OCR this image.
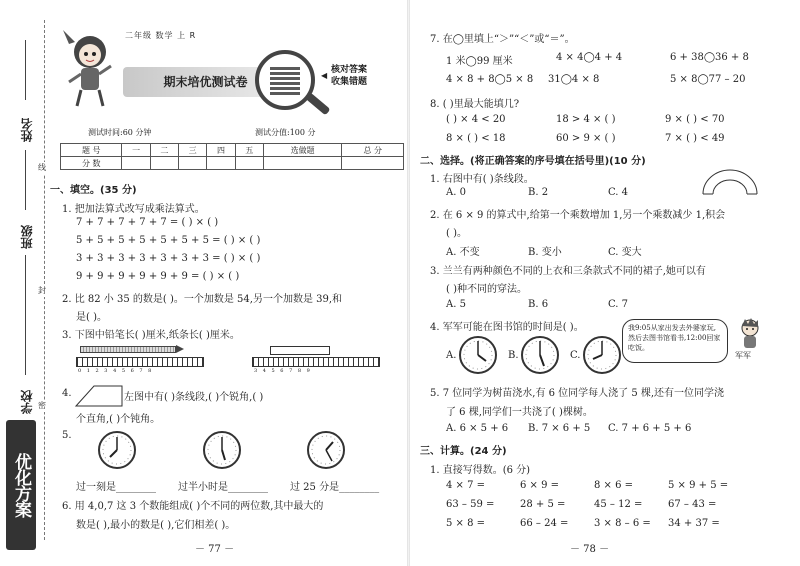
姓名
班级
学校
线
封
密
优化方案
二年级 数学 上 R
期末培优测试卷
◀ 核对答案
收集错题
测试时间:60 分钟	测试分值:100 分
题 号	一	二	三	四	五	选做题	总 分
分 数							
一、填空。(35 分)
1. 把加法算式改写成乘法算式。
7 + 7 + 7 + 7 + 7 = ( ) × ( )
5 + 5 + 5 + 5 + 5 + 5 + 5 = ( ) × ( )
3 + 3 + 3 + 3 + 3 + 3 + 3 = ( ) × ( )
9 + 9 + 9 + 9 + 9 + 9 = ( ) × ( )
2. 比 82 小 35 的数是( )。一个加数是 54,另一个加数是 39,和
是( )。
3. 下图中铅笔长( )厘米,纸条长( )厘米。
0 1 2 3 4 5 6 7 8	3 4 5 6 7 8 9
4.	左图中有( )条线段,( )个锐角,( )
个直角,( )个钝角。
5.
过一刻是________ 过半小时是________ 过 25 分是________
6. 用 4,0,7 这 3 个数能组成( )个不同的两位数,其中最大的
数是( ),最小的数是( ),它们相差( )。
－ 77 －
7. 在◯里填上“＞”“＜”或“＝”。
1 米◯99 厘米	4 × 4◯4 + 4	6 + 38◯36 + 8
4 × 8 + 8◯5 × 8 31◯4 × 8	5 × 8◯77 – 20
8. ( )里最大能填几?
( ) × 4 < 20	18 > 4 × ( )	9 × ( ) < 70
8 × ( ) < 18	60 > 9 × ( )	7 × ( ) < 49
二、选择。(将正确答案的序号填在括号里)(10 分)
1. 右图中有( )条线段。
A. 0	B. 2	C. 4
2. 在 6 × 9 的算式中,给第一个乘数增加 1,另一个乘数减少 1,积会
( )。
A. 不变	B. 变小	C. 变大
3. 兰兰有两种颜色不同的上衣和三条款式不同的裙子,她可以有
( )种不同的穿法。
A. 5	B. 6	C. 7
4. 军军可能在图书馆的时间是( )。
A.	B.	C.
我9:05从家出发去外婆家玩,然后去图书馆看书,12:00回家吃饭。
军军
5. 7 位同学为树苗浇水,有 6 位同学每人浇了 5 棵,还有一位同学浇
了 6 棵,同学们一共浇了( )棵树。
A. 6 × 5 + 6 B. 7 × 6 + 5 C. 7 + 6 + 5 + 6
三、计算。(24 分)
1. 直接写得数。(6 分)
4 × 7 =	6 × 9 =	8 × 6 =	5 × 9 + 5 =
63 – 59 =	28 + 5 =	45 – 12 =	67 – 43 =
5 × 8 =	66 – 24 =	3 × 8 – 6 = 34 + 37 =
－ 78 －
